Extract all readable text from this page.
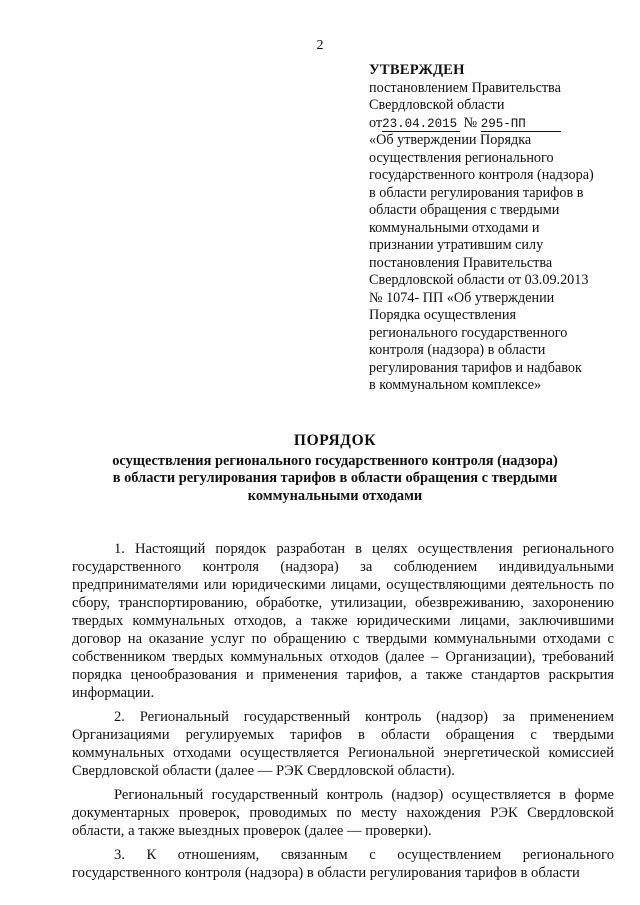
2
УТВЕРЖДЕН
постановлением Правительства
Свердловской области
от23.04.2015 № 295-ПП
«Об утверждении Порядка
осуществления регионального
государственного контроля (надзора)
в области регулирования тарифов в
области обращения с твердыми
коммунальными отходами и
признании утратившим силу
постановления Правительства
Свердловской области от 03.09.2013
№ 1074- ПП «Об утверждении
Порядка осуществления
регионального государственного
контроля (надзора) в области
регулирования тарифов и надбавок
в коммунальном комплексе»
ПОРЯДОК
осуществления регионального государственного контроля (надзора)
в области регулирования тарифов в области обращения с твердыми
коммунальными отходами

1. Настоящий порядок разработан в целях осуществления регионального государственного контроля (надзора) за соблюдением индивидуальными предпринимателями или юридическими лицами, осуществляющими деятельность по сбору, транспортированию, обработке, утилизации, обезвреживанию, захоронению твердых коммунальных отходов, а также юридическими лицами, заключившими договор на оказание услуг по обращению с твердыми коммунальными отходами с собственником твердых коммунальных отходов (далее – Организации), требований порядка ценообразования и применения тарифов, а также стандартов раскрытия информации.

2. Региональный государственный контроль (надзор) за применением Организациями регулируемых тарифов в области обращения с твердыми коммунальных отходами осуществляется Региональной энергетической комиссией Свердловской области (далее — РЭК Свердловской области).

Региональный государственный контроль (надзор) осуществляется в форме документарных проверок, проводимых по месту нахождения РЭК Свердловской области, а также выездных проверок (далее — проверки).

3. К отношениям, связанным с осуществлением регионального государственного контроля (надзора) в области регулирования тарифов в области
